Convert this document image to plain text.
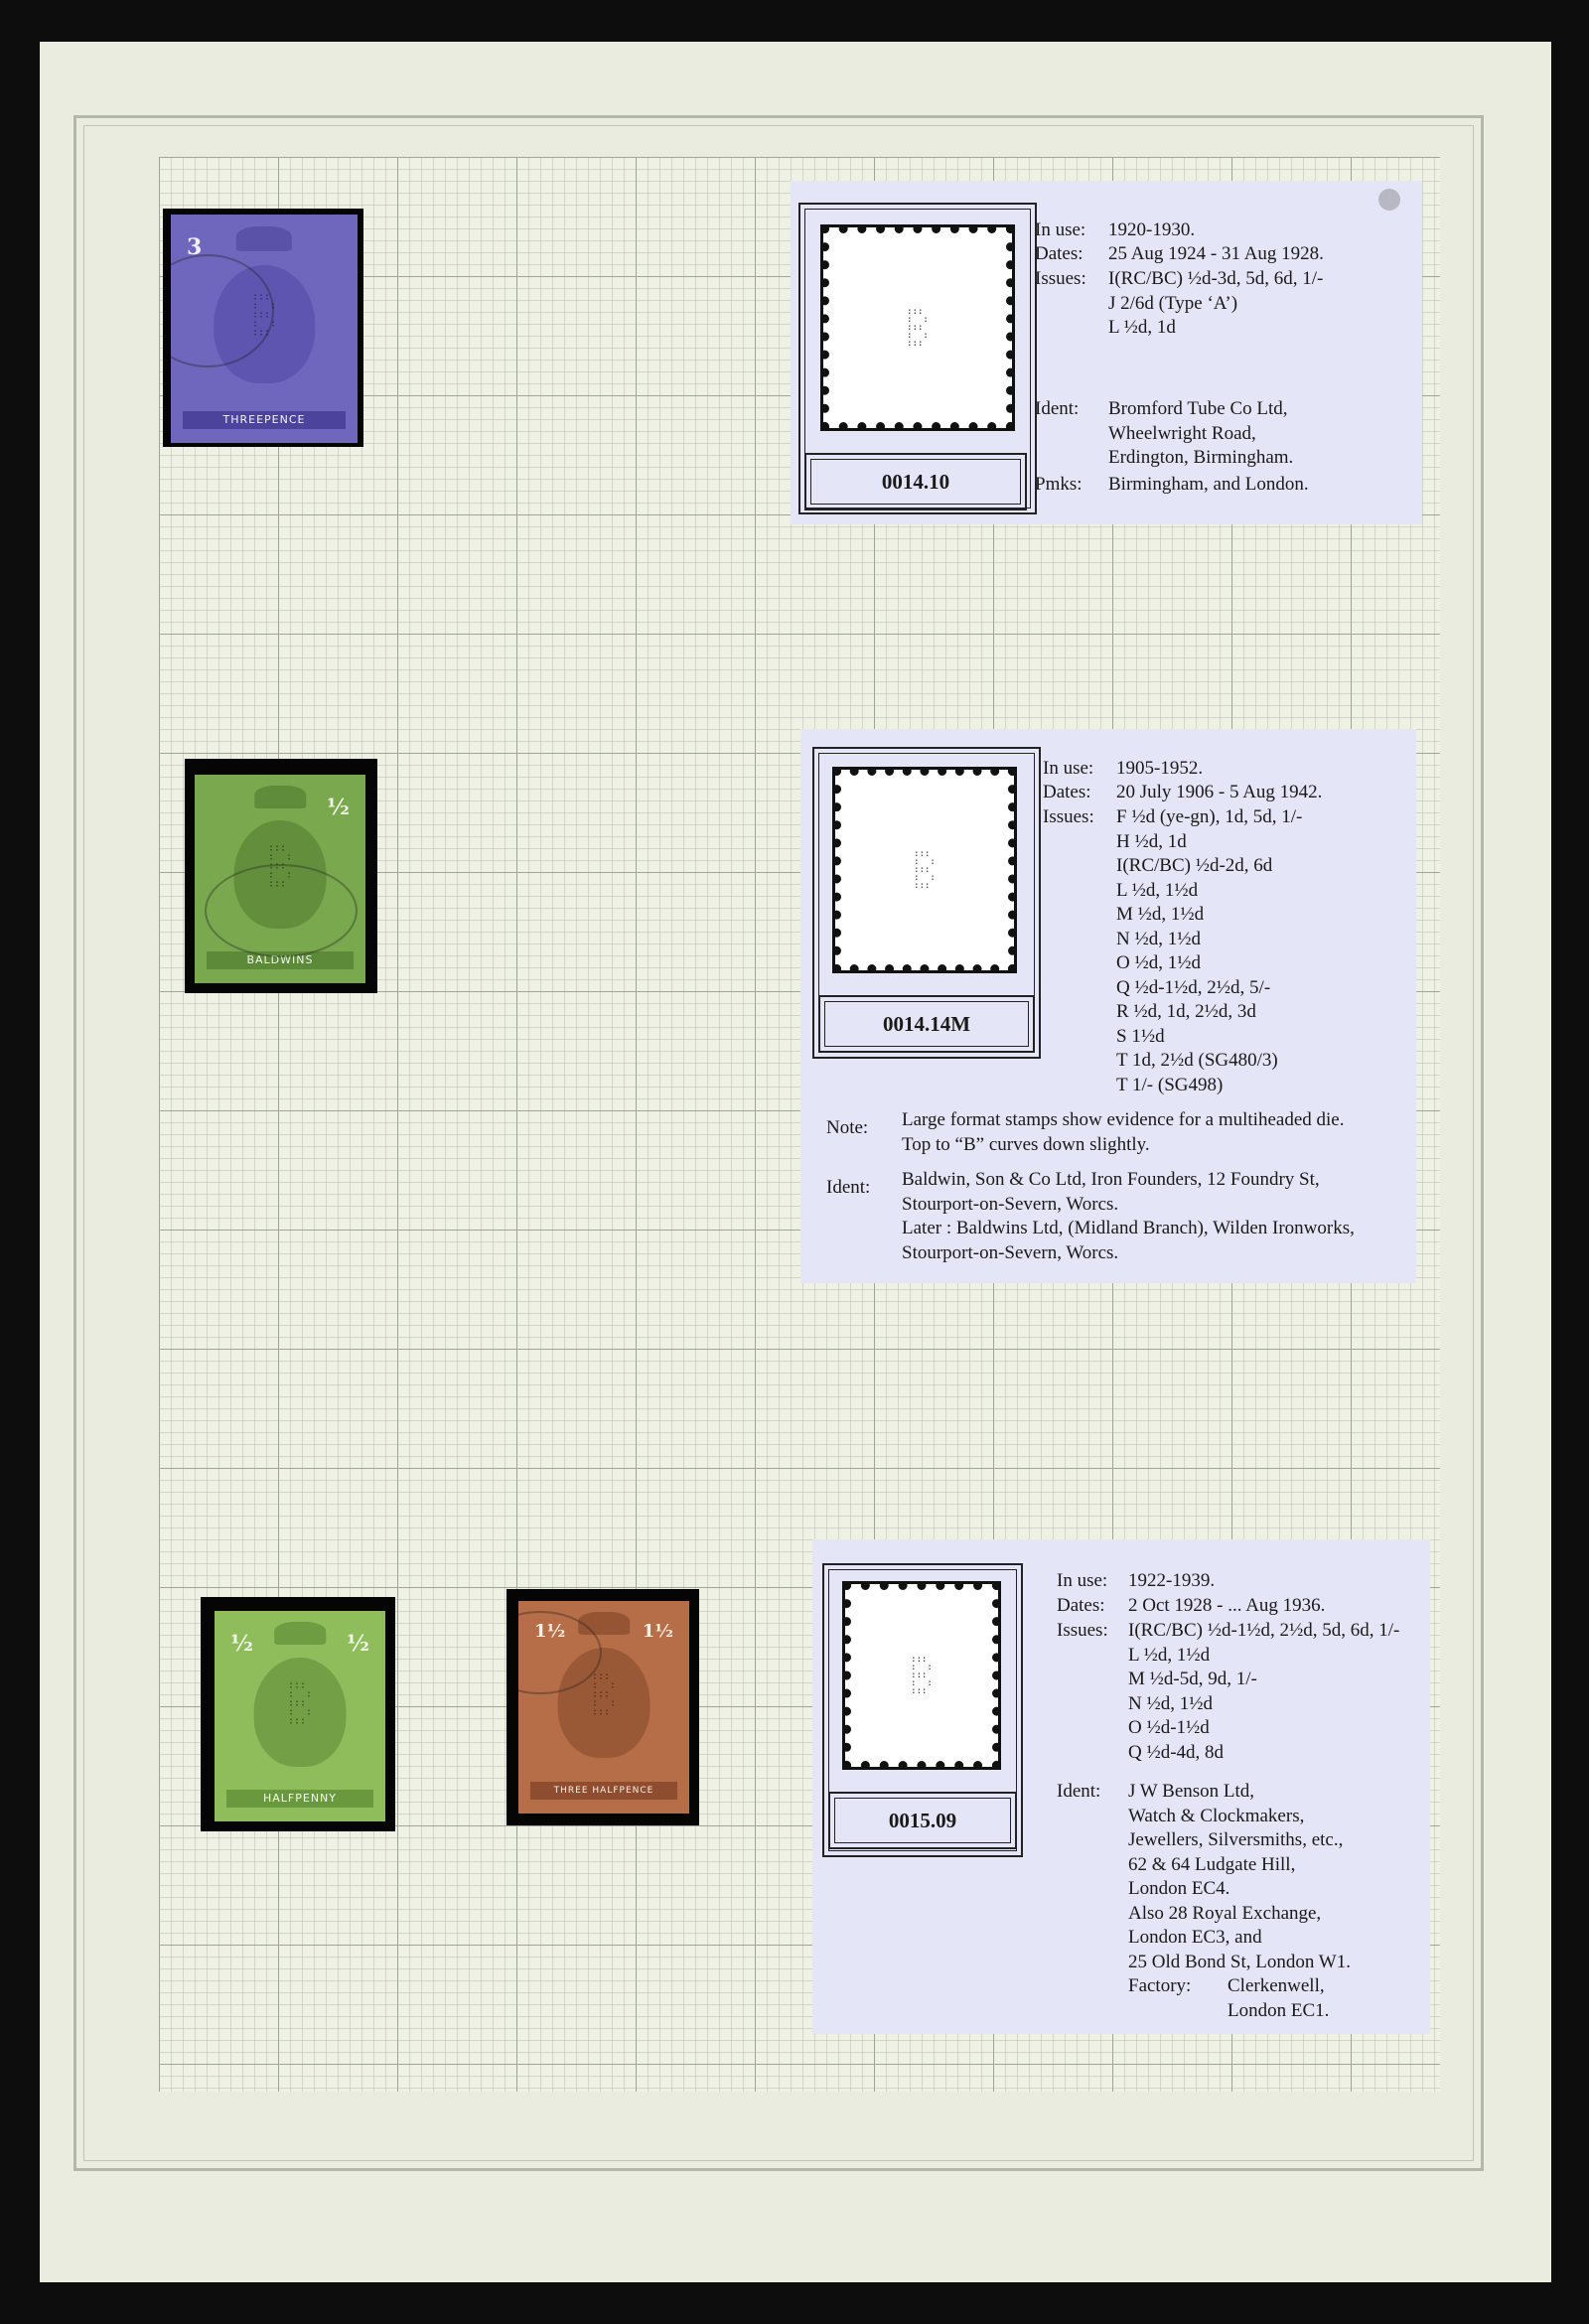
3
THREEPENCE
:::
:  :
:::
:  :
:::
½
BALDWINS
:::
:  :
:::
:  :
:::
½	½
HALFPENNY
:::
:  :
:::
:  :
:::
1½	1½
THREE HALFPENCE
:::
:  :
:::
:  :
:::
:::
:  :
:::
:  :
:::
0014.10
In use: 1920-1930.
Dates: 25 Aug 1924 - 31 Aug 1928.
Issues: I(RC/BC) ½d-3d, 5d, 6d, 1/-
J 2/6d (Type ‘A’)
L ½d, 1d
Ident: Bromford Tube Co Ltd,
Wheelwright Road,
Erdington, Birmingham.
Pmks: Birmingham, and London.
:::
:  :
:::
:  :
:::
0014.14M
In use: 1905-1952.
Dates: 20 July 1906 - 5 Aug 1942.
Issues: F ½d (ye-gn), 1d, 5d, 1/-
H ½d, 1d
I(RC/BC) ½d-2d, 6d
L ½d, 1½d
M ½d, 1½d
N ½d, 1½d
O ½d, 1½d
Q ½d-1½d, 2½d, 5/-
R ½d, 1d, 2½d, 3d
S 1½d
T 1d, 2½d (SG480/3)
T 1/- (SG498)
Note: Large format stamps show evidence for a multiheaded die.
Top to “B” curves down slightly.
Ident: Baldwin, Son & Co Ltd, Iron Founders, 12 Foundry St,
Stourport-on-Severn, Worcs.
Later : Baldwins Ltd, (Midland Branch), Wilden Ironworks,
Stourport-on-Severn, Worcs.
:::
:  :
:::
:  :
:::
0015.09
In use: 1922-1939.
Dates: 2 Oct 1928 - ... Aug 1936.
Issues: I(RC/BC) ½d-1½d, 2½d, 5d, 6d, 1/-
L ½d, 1½d
M ½d-5d, 9d, 1/-
N ½d, 1½d
O ½d-1½d
Q ½d-4d, 8d
Ident: J W Benson Ltd,
Watch & Clockmakers,
Jewellers, Silversmiths, etc.,
62 & 64 Ludgate Hill,
London EC4.
Also 28 Royal Exchange,
London EC3, and
25 Old Bond St, London W1.
Factory: Clerkenwell,
London EC1.
